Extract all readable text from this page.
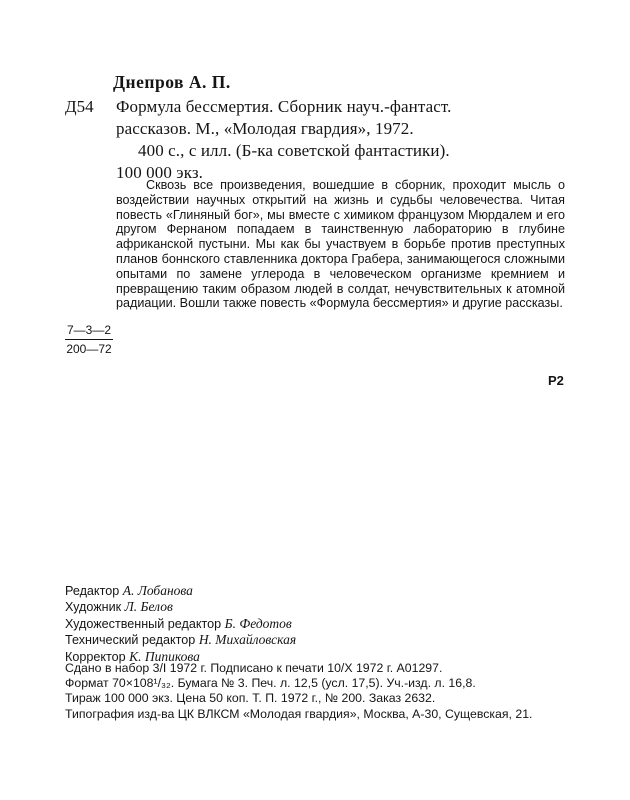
Днепров А. П.
Д54 Формула бессмертия. Сборник науч.-фантаст.
рассказов. М., «Молодая гвардия», 1972.
400 с., с илл. (Б-ка советской фантастики).
100 000 экз.
Сквозь все произведения, вошедшие в сборник, проходит мысль о воздействии научных открытий на жизнь и судьбы человечества. Читая повесть «Глиняный бог», мы вместе с химиком французом Мюрдалем и его другом Фернаном попадаем в таинственную лабораторию в глубине африканской пустыни. Мы как бы участвуем в борьбе против преступных планов боннского ставленника доктора Грабера, занимающегося сложными опытами по замене углерода в человеческом организме кремнием и превращению таким образом людей в солдат, нечувствительных к атомной радиации. Вошли также повесть «Формула бессмертия» и другие рассказы.
$\frac{7—3—2}{200—72}$
Р2
Редактор А. Лобанова
Художник Л. Белов
Художественный редактор Б. Федотов
Технический редактор Н. Михайловская
Корректор К. Пипикова
Сдано в набор 3/I 1972 г. Подписано к печати 10/X 1972 г. А01297.
Формат 70×108¹/₃₂. Бумага № 3. Печ. л. 12,5 (усл. 17,5). Уч.-изд. л. 16,8.
Тираж 100 000 экз. Цена 50 коп. Т. П. 1972 г., № 200. Заказ 2632.
Типография изд-ва ЦК ВЛКСМ «Молодая гвардия», Москва, А-30, Сущевская, 21.
